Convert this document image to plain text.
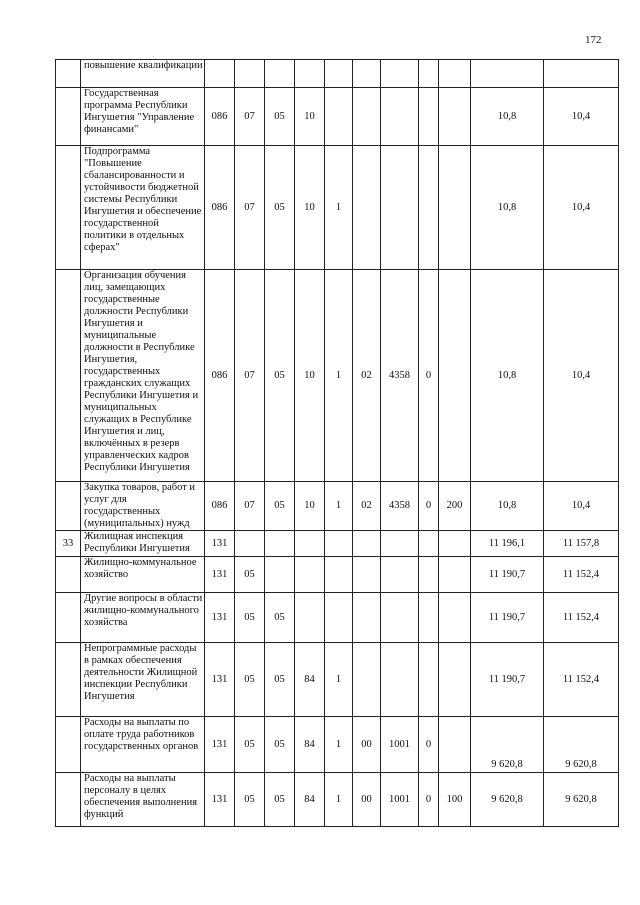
172
	повышение квалификации											
	Государственная программа Республики Ингушетия "Управление финансами"	086	07	05	10						10,8	10,4
	Подпрограмма "Повышение сбалансированности и устойчивости бюджетной системы Республики Ингушетия и обеспечение государственной политики в отдельных сферах"	086	07	05	10	1					10,8	10,4
	Организация обучения лиц, замещающих государственные должности Республики Ингушетия и муниципальные должности в Республике Ингушетия, государственных гражданских служащих Республики Ингушетия и муниципальных служащих в Республике Ингушетия и лиц, включённых в резерв управленческих кадров Республики Ингушетия	086	07	05	10	1	02	4358	0		10,8	10,4
	Закупка товаров, работ и услуг для государственных (муниципальных) нужд	086	07	05	10	1	02	4358	0	200	10,8	10,4
33	Жилищная инспекция Республики Ингушетия	131									11 196,1	11 157,8
	Жилищно-коммунальное хозяйство	131	05								11 190,7	11 152,4
	Другие вопросы в области жилищно-коммунального хозяйства	131	05	05							11 190,7	11 152,4
	Непрограммные расходы в рамках обеспечения деятельности Жилищной инспекции Республики Ингушетия	131	05	05	84	1					11 190,7	11 152,4
	Расходы на выплаты по оплате труда работников государственных органов	131	05	05	84	1	00	1001	0		9 620,8	9 620,8
	Расходы на выплаты персоналу в целях обеспечения выполнения функций	131	05	05	84	1	00	1001	0	100	9 620,8	9 620,8
